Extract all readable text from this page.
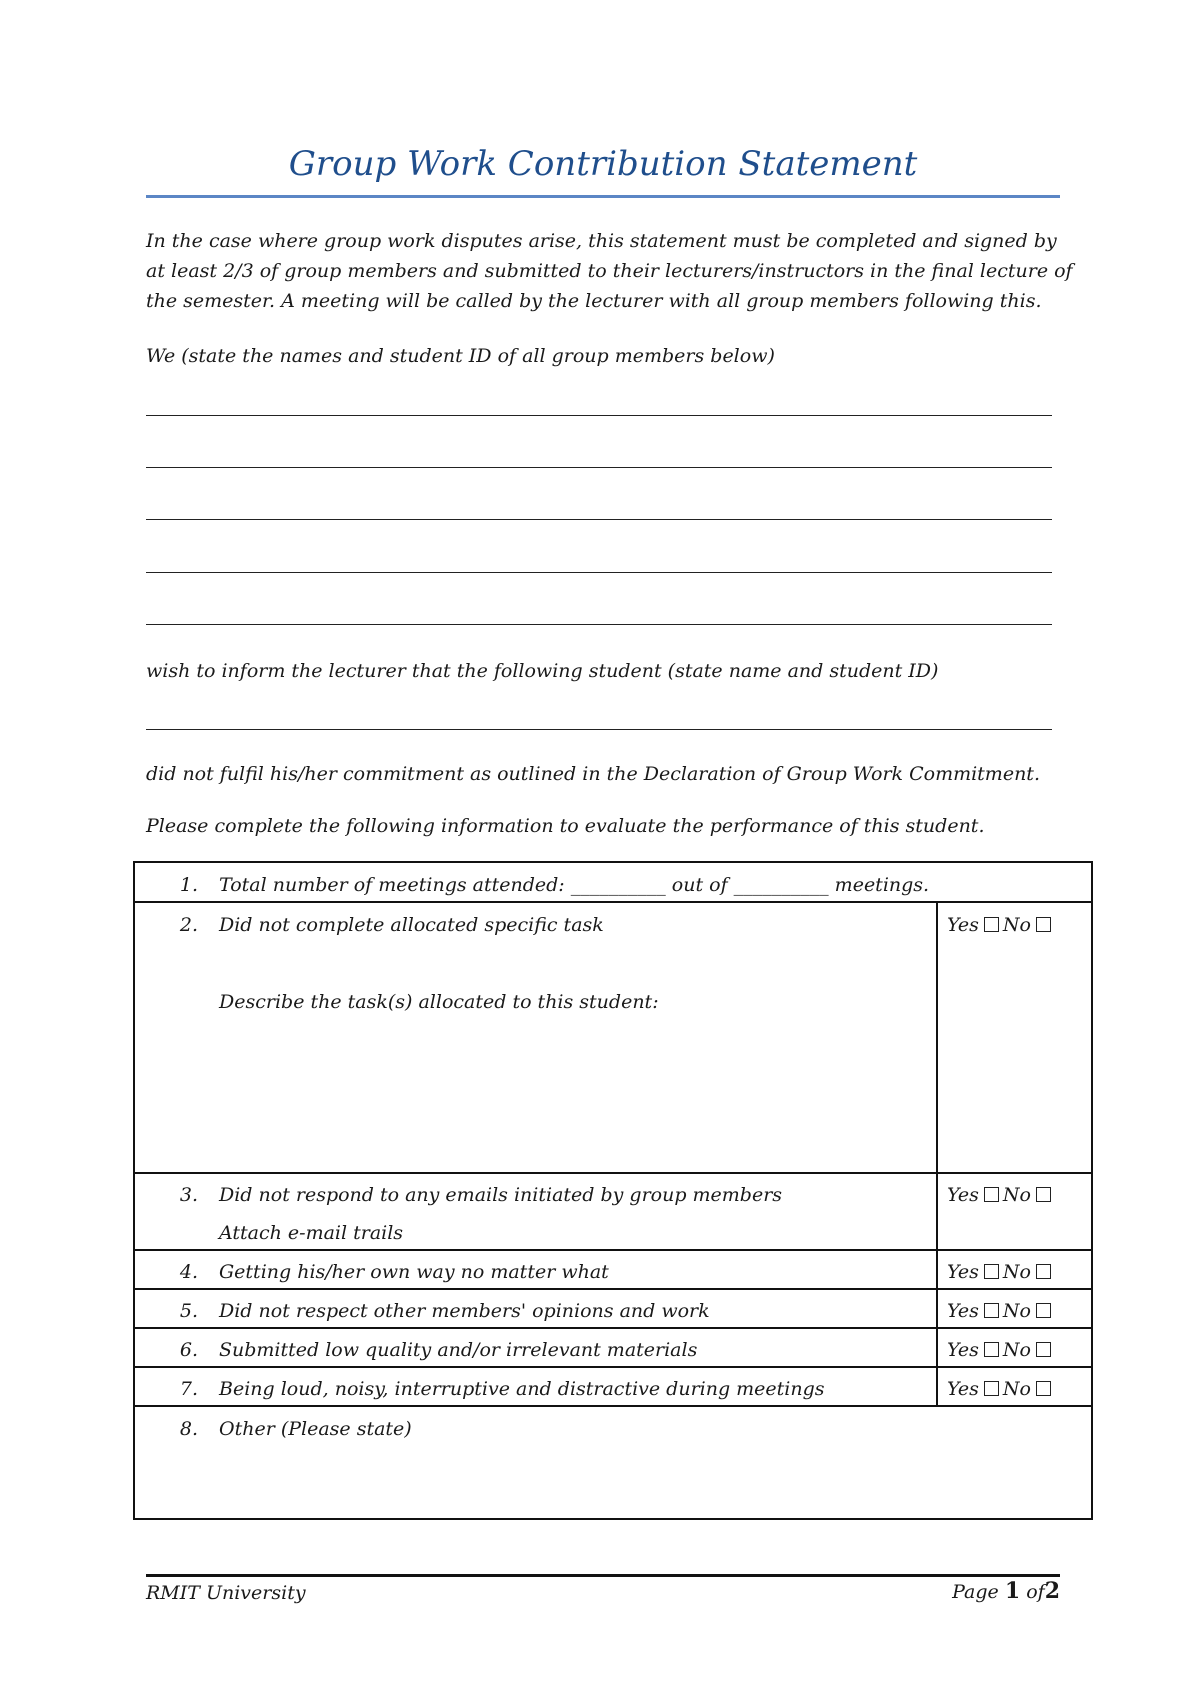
Group Work Contribution Statement
In the case where group work disputes arise, this statement must be completed and signed by at least 2/3 of group members and submitted to their lecturers/instructors in the final lecture of the semester. A meeting will be called by the lecturer with all group members following this.
We (state the names and student ID of all group members below)
wish to inform the lecturer that the following student (state name and student ID)
did not fulfil his/her commitment as outlined in the Declaration of Group Work Commitment.
Please complete the following information to evaluate the performance of this student.
1. Total number of meetings attended: __________ out of __________ meetings.
2. Did not complete allocated specific task
Describe the task(s) allocated to this student:
Yes No
3. Did not respond to any emails initiated by group members
Attach e-mail trails
Yes No
4. Getting his/her own way no matter what	Yes No
5. Did not respect other members' opinions and work	Yes No
6. Submitted low quality and/or irrelevant materials	Yes No
7. Being loud, noisy, interruptive and distractive during meetings	Yes No
8. Other (Please state)
RMIT University	Page 1 of2
